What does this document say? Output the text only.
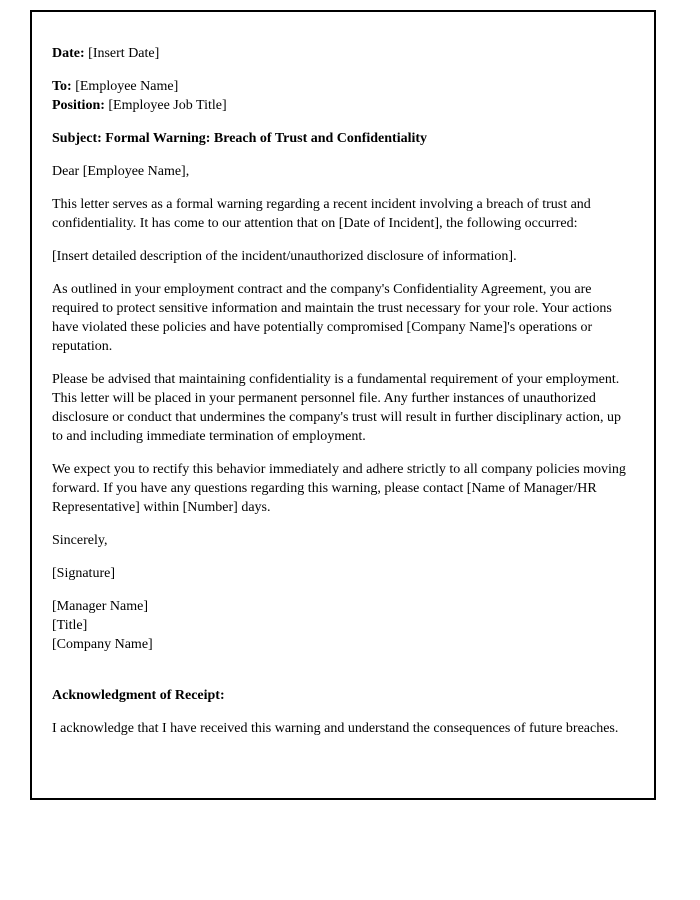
Date: [Insert Date]

To: [Employee Name]

Position: [Employee Job Title]

Subject: Formal Warning: Breach of Trust and Confidentiality

Dear [Employee Name],

This letter serves as a formal warning regarding a recent incident involving a breach of trust and confidentiality. It has come to our attention that on [Date of Incident], the following occurred:

[Insert detailed description of the incident/unauthorized disclosure of information].

As outlined in your employment contract and the company's Confidentiality Agreement, you are required to protect sensitive information and maintain the trust necessary for your role. Your actions have violated these policies and have potentially compromised [Company Name]'s operations or reputation.

Please be advised that maintaining confidentiality is a fundamental requirement of your employment. This letter will be placed in your permanent personnel file. Any further instances of unauthorized disclosure or conduct that undermines the company's trust will result in further disciplinary action, up to and including immediate termination of employment.

We expect you to rectify this behavior immediately and adhere strictly to all company policies moving forward. If you have any questions regarding this warning, please contact [Name of Manager/HR Representative] within [Number] days.

Sincerely,

[Signature]

[Manager Name]

[Title]

[Company Name]

Acknowledgment of Receipt:

I acknowledge that I have received this warning and understand the consequences of future breaches.
